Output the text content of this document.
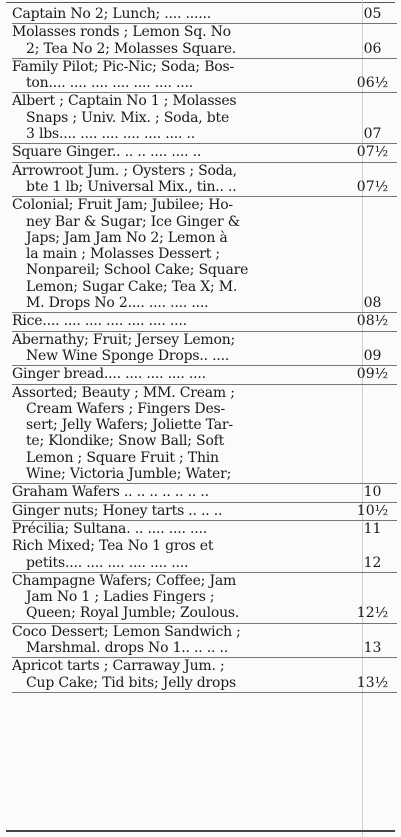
Captain No 2; Lunch; .... ......	05
Molasses ronds ; Lemon Sq. No
2; Tea No 2; Molasses Square.	06
Family Pilot; Pic-Nic; Soda; Bos-
ton.... .... .... .... .... .... ....	06½
Albert ; Captain No 1 ; Molasses
Snaps ; Univ. Mix. ; Soda, bte
3 lbs.... .... .... .... .... .... ..	07
Square Ginger.. .. .. .... .... ..	07½
Arrowroot Jum. ; Oysters ; Soda,
bte 1 lb; Universal Mix., tin.. ..	07½
Colonial; Fruit Jam; Jubilee; Ho-
ney Bar & Sugar; Ice Ginger &
Japs; Jam Jam No 2; Lemon à
la main ; Molasses Dessert ;
Nonpareil; School Cake; Square
Lemon; Sugar Cake; Tea X; M.
M. Drops No 2.... .... .... ....	08
Rice.... .... .... .... .... .... ....	08½
Abernathy; Fruit; Jersey Lemon;
New Wine Sponge Drops.. ....	09
Ginger bread.... .... .... .... ....	09½
Assorted; Beauty ; MM. Cream ;
Cream Wafers ; Fingers Des-
sert; Jelly Wafers; Joliette Tar-
te; Klondike; Snow Ball; Soft
Lemon ; Square Fruit ; Thin
Wine; Victoria Jumble; Water;
Graham Wafers .. .. .. .. .. .. ..	10
Ginger nuts; Honey tarts .. .. ..	10½
Précilia; Sultana. .. .... .... ....	11
Rich Mixed; Tea No 1 gros et
petits.... .... .... .... .... ....	12
Champagne Wafers; Coffee; Jam
Jam No 1 ; Ladies Fingers ;
Queen; Royal Jumble; Zoulous.	12½
Coco Dessert; Lemon Sandwich ;
Marshmal. drops No 1.. .. .. ..	13
Apricot tarts ; Carraway Jum. ;
Cup Cake; Tid bits; Jelly drops	13½
